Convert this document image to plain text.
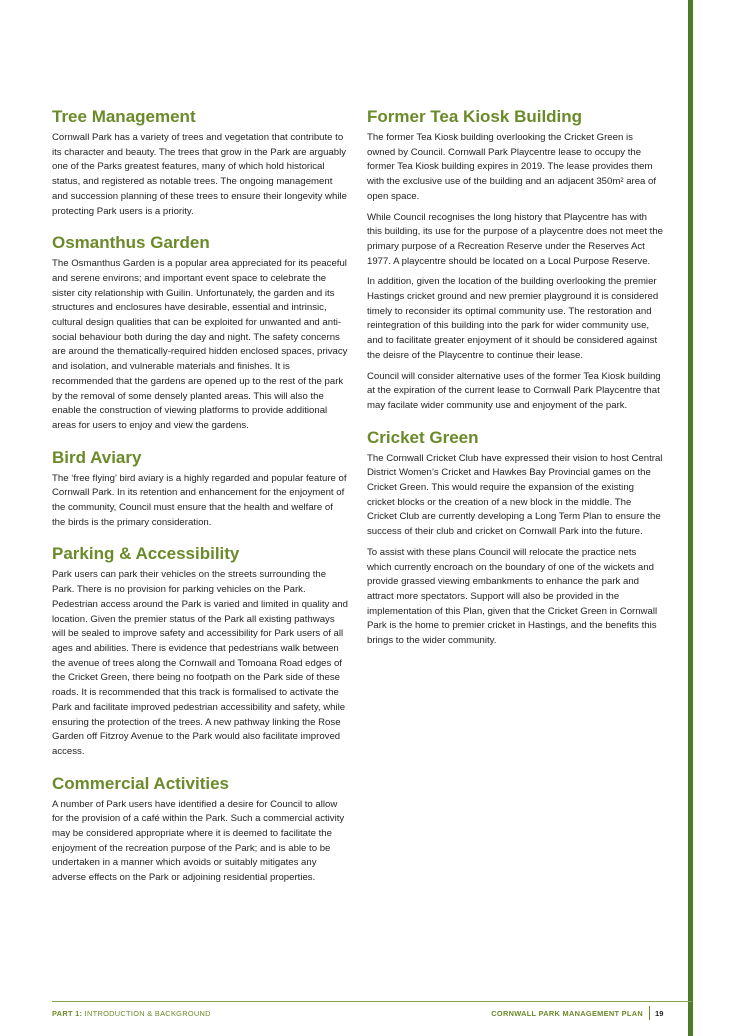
Tree Management

Cornwall Park has a variety of trees and vegetation that contribute to its character and beauty. The trees that grow in the Park are arguably one of the Parks greatest features, many of which hold historical status, and registered as notable trees. The ongoing management and succession planning of these trees to ensure their longevity while protecting Park users is a priority.

Osmanthus Garden

The Osmanthus Garden is a popular area appreciated for its peaceful and serene environs; and important event space to celebrate the sister city relationship with Guilin. Unfortunately, the garden and its structures and enclosures have desirable, essential and intrinsic, cultural design qualities that can be exploited for unwanted and anti-social behaviour both during the day and night. The safety concerns are around the thematically-required hidden enclosed spaces, privacy and isolation, and vulnerable materials and finishes. It is recommended that the gardens are opened up to the rest of the park by the removal of some densely planted areas. This will also the enable the construction of viewing platforms to provide additional areas for users to enjoy and view the gardens.

Bird Aviary

The ‘free flying’ bird aviary is a highly regarded and popular feature of Cornwall Park. In its retention and enhancement for the enjoyment of the community, Council must ensure that the health and welfare of the birds is the primary consideration.

Parking & Accessibility

Park users can park their vehicles on the streets surrounding the Park. There is no provision for parking vehicles on the Park. Pedestrian access around the Park is varied and limited in quality and location. Given the premier status of the Park all existing pathways will be sealed to improve safety and accessibility for Park users of all ages and abilities. There is evidence that pedestrians walk between the avenue of trees along the Cornwall and Tomoana Road edges of the Cricket Green, there being no footpath on the Park side of these roads. It is recommended that this track is formalised to activate the Park and facilitate improved pedestrian accessibility and safety, while ensuring the protection of the trees. A new pathway linking the Rose Garden off Fitzroy Avenue to the Park would also facilitate improved access.

Commercial Activities

A number of Park users have identified a desire for Council to allow for the provision of a café within the Park. Such a commercial activity may be considered appropriate where it is deemed to facilitate the enjoyment of the recreation purpose of the Park; and is able to be undertaken in a manner which avoids or suitably mitigates any adverse effects on the Park or adjoining residential properties.

Former Tea Kiosk Building

The former Tea Kiosk building overlooking the Cricket Green is owned by Council. Cornwall Park Playcentre lease to occupy the former Tea Kiosk building expires in 2019. The lease provides them with the exclusive use of the building and an adjacent 350m² area of open space.

While Council recognises the long history that Playcentre has with this building, its use for the purpose of a playcentre does not meet the primary purpose of a Recreation Reserve under the Reserves Act 1977. A playcentre should be located on a Local Purpose Reserve.

In addition, given the location of the building overlooking the premier Hastings cricket ground and new premier playground it is considered timely to reconsider its optimal community use. The restoration and reintegration of this building into the park for wider community use, and to facilitate greater enjoyment of it should be considered against the deisre of the Playcentre to continue their lease.

Council will consider alternative uses of the former Tea Kiosk building at the expiration of the current lease to Cornwall Park Playcentre that may facilate wider community use and enjoyment of the park.

Cricket Green

The Cornwall Cricket Club have expressed their vision to host Central District Women’s Cricket and Hawkes Bay Provincial games on the Cricket Green. This would require the expansion of the existing cricket blocks or the creation of a new block in the middle. The Cricket Club are currently developing a Long Term Plan to ensure the success of their club and cricket on Cornwall Park into the future.

To assist with these plans Council will relocate the practice nets which currently encroach on the boundary of one of the wickets and provide grassed viewing embankments to enhance the park and attract more spectators. Support will also be provided in the implementation of this Plan, given that the Cricket Green in Cornwall Park is the home to premier cricket in Hastings, and the benefits this brings to the wider community.

PART 1: INTRODUCTION & BACKGROUND	CORNWALL PARK MANAGEMENT PLAN 19
